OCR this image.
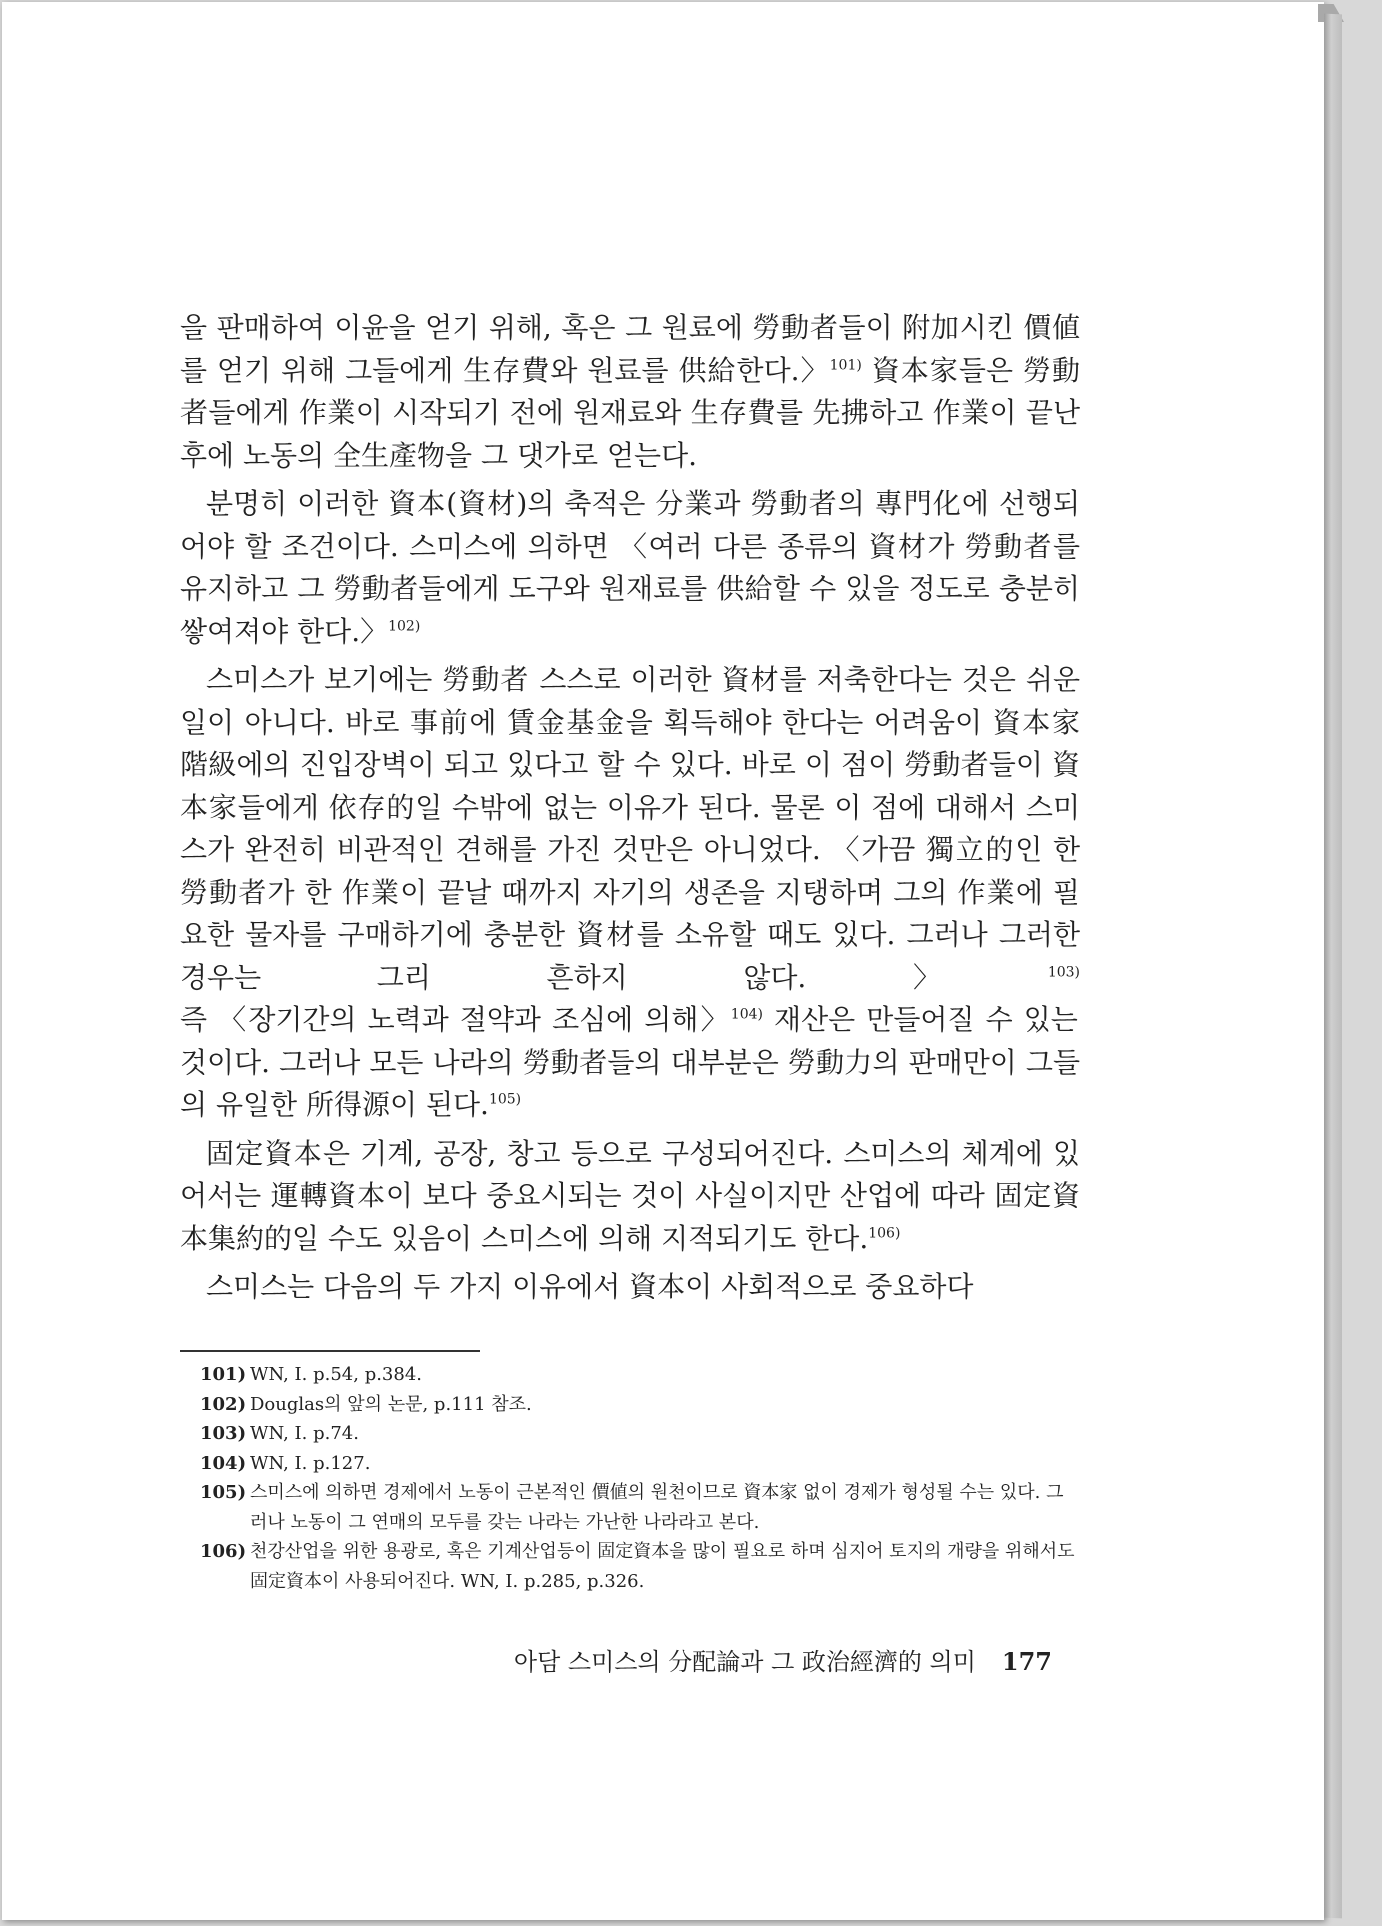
을 판매하여 이윤을 얻기 위해, 혹은 그 원료에 勞動者들이 附加시킨 價値를 얻기 위해 그들에게 生存費와 원료를 供給한다.〉$^{101)}$ 資本家들은 勞動者들에게 作業이 시작되기 전에 원재료와 生存費를 先拂하고 作業이 끝난 후에 노동의 全生產物을 그 댓가로 얻는다.

분명히 이러한 資本(資材)의 축적은 分業과 勞動者의 專門化에 선행되어야 할 조건이다. 스미스에 의하면 〈여러 다른 종류의 資材가 勞動者를 유지하고 그 勞動者들에게 도구와 원재료를 供給할 수 있을 정도로 충분히 쌓여져야 한다.〉$^{102)}$

스미스가 보기에는 勞動者 스스로 이러한 資材를 저축한다는 것은 쉬운 일이 아니다. 바로 事前에 賃金基金을 획득해야 한다는 어려움이 資本家階級에의 진입장벽이 되고 있다고 할 수 있다. 바로 이 점이 勞動者들이 資本家들에게 依存的일 수밖에 없는 이유가 된다. 물론 이 점에 대해서 스미스가 완전히 비관적인 견해를 가진 것만은 아니었다. 〈가끔 獨立的인 한 勞動者가 한 作業이 끝날 때까지 자기의 생존을 지탱하며 그의 作業에 필요한 물자를 구매하기에 충분한 資材를 소유할 때도 있다. 그러나 그러한 경우는 그리 흔하지 않다.〉$^{103)}$ 즉 〈장기간의 노력과 절약과 조심에 의해〉$^{104)}$ 재산은 만들어질 수 있는 것이다. 그러나 모든 나라의 勞動者들의 대부분은 勞動力의 판매만이 그들의 유일한 所得源이 된다.$^{105)}$

固定資本은 기계, 공장, 창고 등으로 구성되어진다. 스미스의 체계에 있어서는 運轉資本이 보다 중요시되는 것이 사실이지만 산업에 따라 固定資本集約的일 수도 있음이 스미스에 의해 지적되기도 한다.$^{106)}$

스미스는 다음의 두 가지 이유에서 資本이 사회적으로 중요하다

101) WN, I. p.54, p.384.
102) Douglas의 앞의 논문, p.111 참조.
103) WN, I. p.74.
104) WN, I. p.127.
105) 스미스에 의하면 경제에서 노동이 근본적인 價値의 원천이므로 資本家 없이 경제가 형성될 수는 있다. 그러나 노동이 그 연매의 모두를 갖는 나라는 가난한 나라라고 본다.
106) 천강산업을 위한 용광로, 혹은 기계산업등이 固定資本을 많이 필요로 하며 심지어 토지의 개량을 위해서도 固定資本이 사용되어진다. WN, I. p.285, p.326.
아담 스미스의 分配論과 그 政治經濟的 의미 177
